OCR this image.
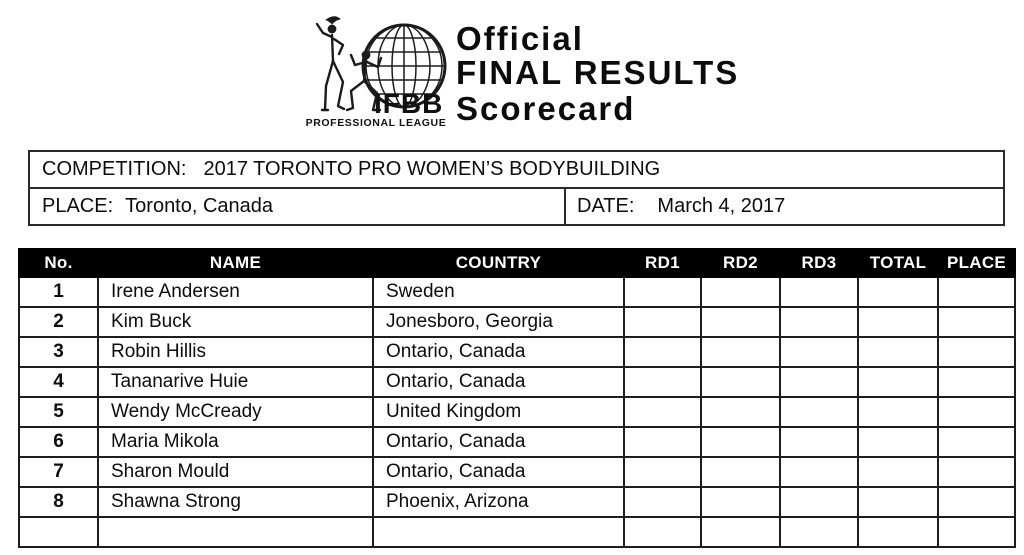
IFBB
PROFESSIONAL LEAGUE
Official
FINAL RESULTS
Scorecard
COMPETITION: 2017 TORONTO PRO WOMEN’S BODYBUILDING
PLACE: Toronto, Canada	DATE: March 4, 2017
No.	NAME	COUNTRY	RD1	RD2	RD3	TOTAL	PLACE
1	Irene Andersen	Sweden					
2	Kim Buck	Jonesboro, Georgia					
3	Robin Hillis	Ontario, Canada					
4	Tananarive Huie	Ontario, Canada					
5	Wendy McCready	United Kingdom					
6	Maria Mikola	Ontario, Canada					
7	Sharon Mould	Ontario, Canada					
8	Shawna Strong	Phoenix, Arizona					
